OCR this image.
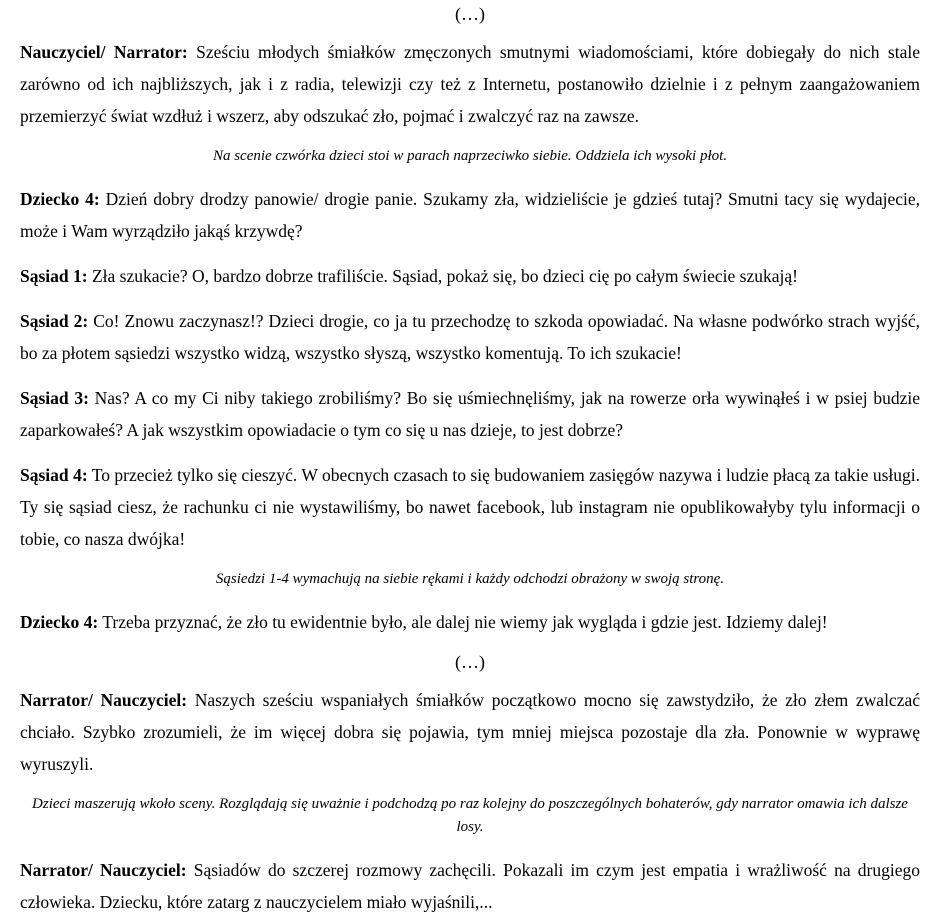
(…)

Nauczyciel/ Narrator: Sześciu młodych śmiałków zmęczonych smutnymi wiadomościami, które dobiegały do nich stale zarówno od ich najbliższych, jak i z radia, telewizji czy też z Internetu, postanowiło dzielnie i z pełnym zaangażowaniem przemierzyć świat wzdłuż i wszerz, aby odszukać zło, pojmać i zwalczyć raz na zawsze.

Na scenie czwórka dzieci stoi w parach naprzeciwko siebie. Oddziela ich wysoki płot.

Dziecko 4: Dzień dobry drodzy panowie/ drogie panie. Szukamy zła, widzieliście je gdzieś tutaj? Smutni tacy się wydajecie, może i Wam wyrządziło jakąś krzywdę?

Sąsiad 1: Zła szukacie? O, bardzo dobrze trafiliście. Sąsiad, pokaż się, bo dzieci cię po całym świecie szukają!

Sąsiad 2: Co! Znowu zaczynasz!? Dzieci drogie, co ja tu przechodzę to szkoda opowiadać. Na własne podwórko strach wyjść, bo za płotem sąsiedzi wszystko widzą, wszystko słyszą, wszystko komentują. To ich szukacie!

Sąsiad 3: Nas? A co my Ci niby takiego zrobiliśmy? Bo się uśmiechnęliśmy, jak na rowerze orła wywinąłeś i w psiej budzie zaparkowałeś? A jak wszystkim opowiadacie o tym co się u nas dzieje, to jest dobrze?

Sąsiad 4: To przecież tylko się cieszyć. W obecnych czasach to się budowaniem zasięgów nazywa i ludzie płacą za takie usługi. Ty się sąsiad ciesz, że rachunku ci nie wystawiliśmy, bo nawet facebook, lub instagram nie opublikowałyby tylu informacji o tobie, co nasza dwójka!

Sąsiedzi 1-4 wymachują na siebie rękami i każdy odchodzi obrażony w swoją stronę.

Dziecko 4: Trzeba przyznać, że zło tu ewidentnie było, ale dalej nie wiemy jak wygląda i gdzie jest. Idziemy dalej!

(…)

Narrator/ Nauczyciel: Naszych sześciu wspaniałych śmiałków początkowo mocno się zawstydziło, że zło złem zwalczać chciało. Szybko zrozumieli, że im więcej dobra się pojawia, tym mniej miejsca pozostaje dla zła. Ponownie w wyprawę wyruszyli.

Dzieci maszerują wkoło sceny. Rozglądają się uważnie i podchodzą po raz kolejny do poszczególnych bohaterów, gdy narrator omawia ich dalsze losy.

Narrator/ Nauczyciel: Sąsiadów do szczerej rozmowy zachęcili. Pokazali im czym jest empatia i wrażliwość na drugiego człowieka. Dziecku, które zatarg z nauczycielem miało wyjaśnili,...
